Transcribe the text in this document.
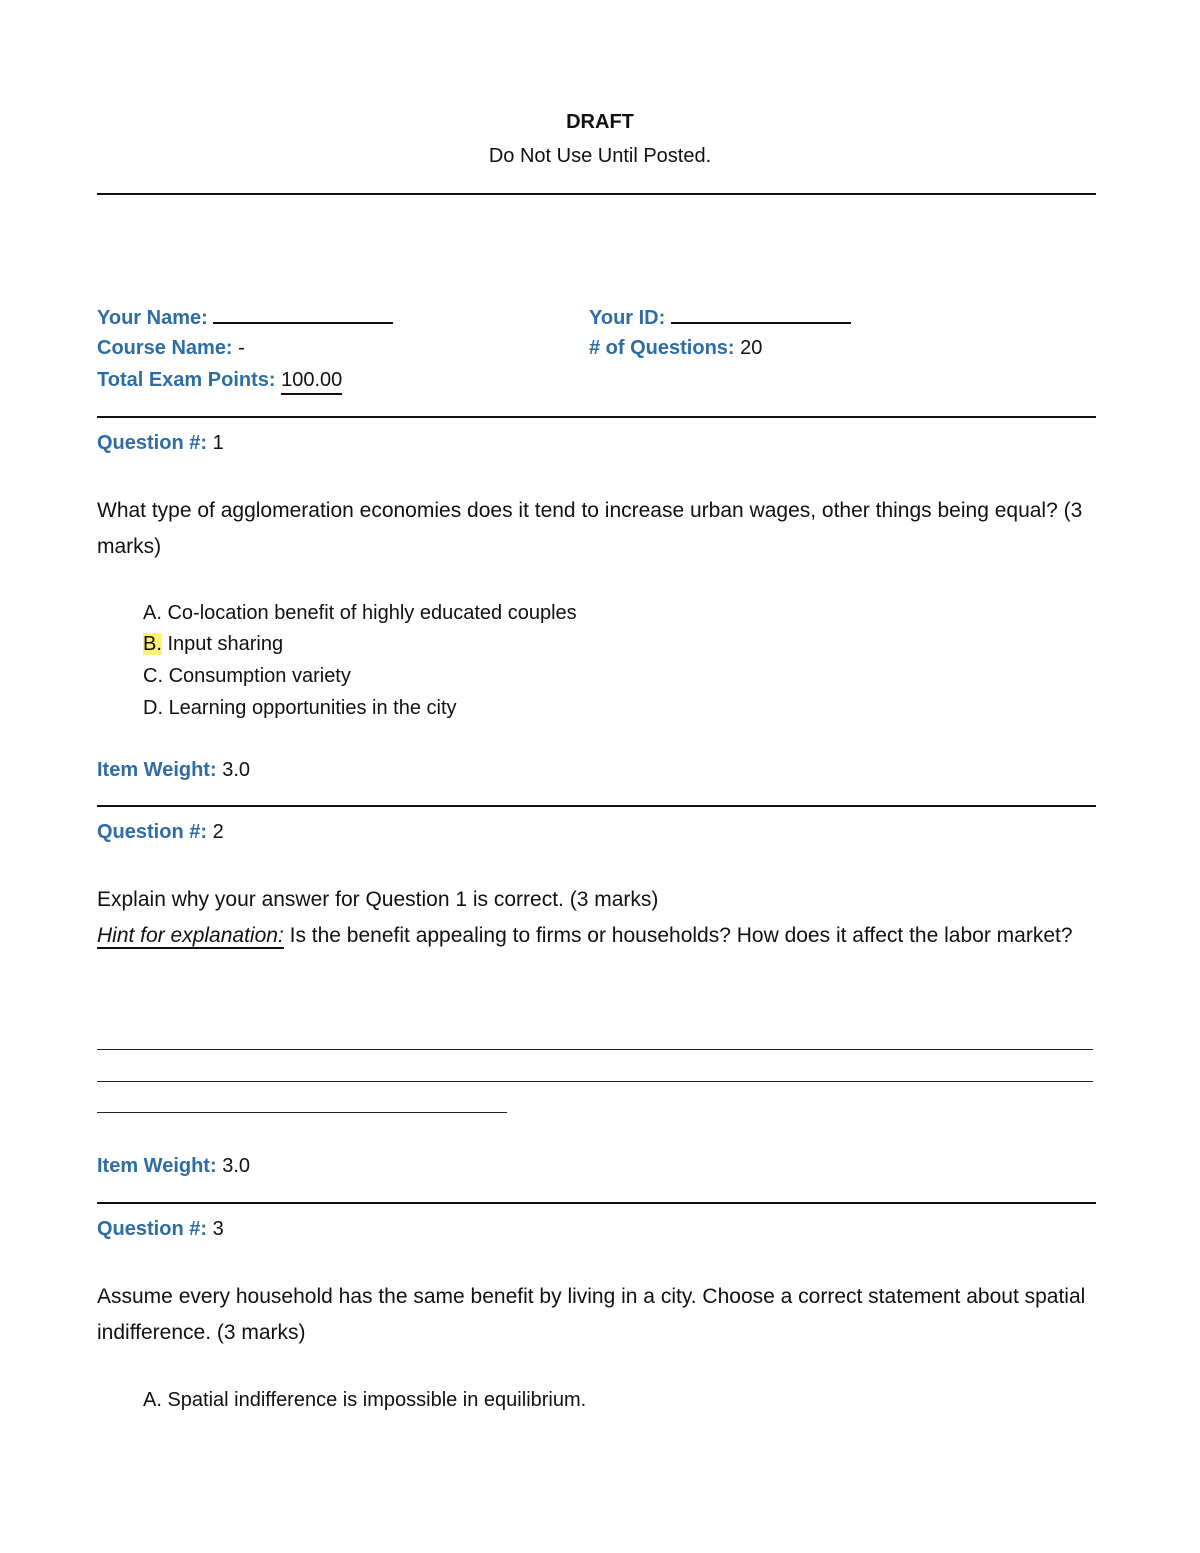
DRAFT
Do Not Use Until Posted.
Your Name:	Your ID:
Course Name: -	# of Questions: 20
Total Exam Points: 100.00
Question #: 1
What type of agglomeration economies does it tend to increase urban wages, other things being equal? (3 marks)
A. Co-location benefit of highly educated couples
B. Input sharing
C. Consumption variety
D. Learning opportunities in the city
Item Weight: 3.0
Question #: 2
Explain why your answer for Question 1 is correct. (3 marks)
Hint for explanation: Is the benefit appealing to firms or households? How does it affect the labor market?
Item Weight: 3.0
Question #: 3
Assume every household has the same benefit by living in a city. Choose a correct statement about spatial indifference. (3 marks)
A. Spatial indifference is impossible in equilibrium.
